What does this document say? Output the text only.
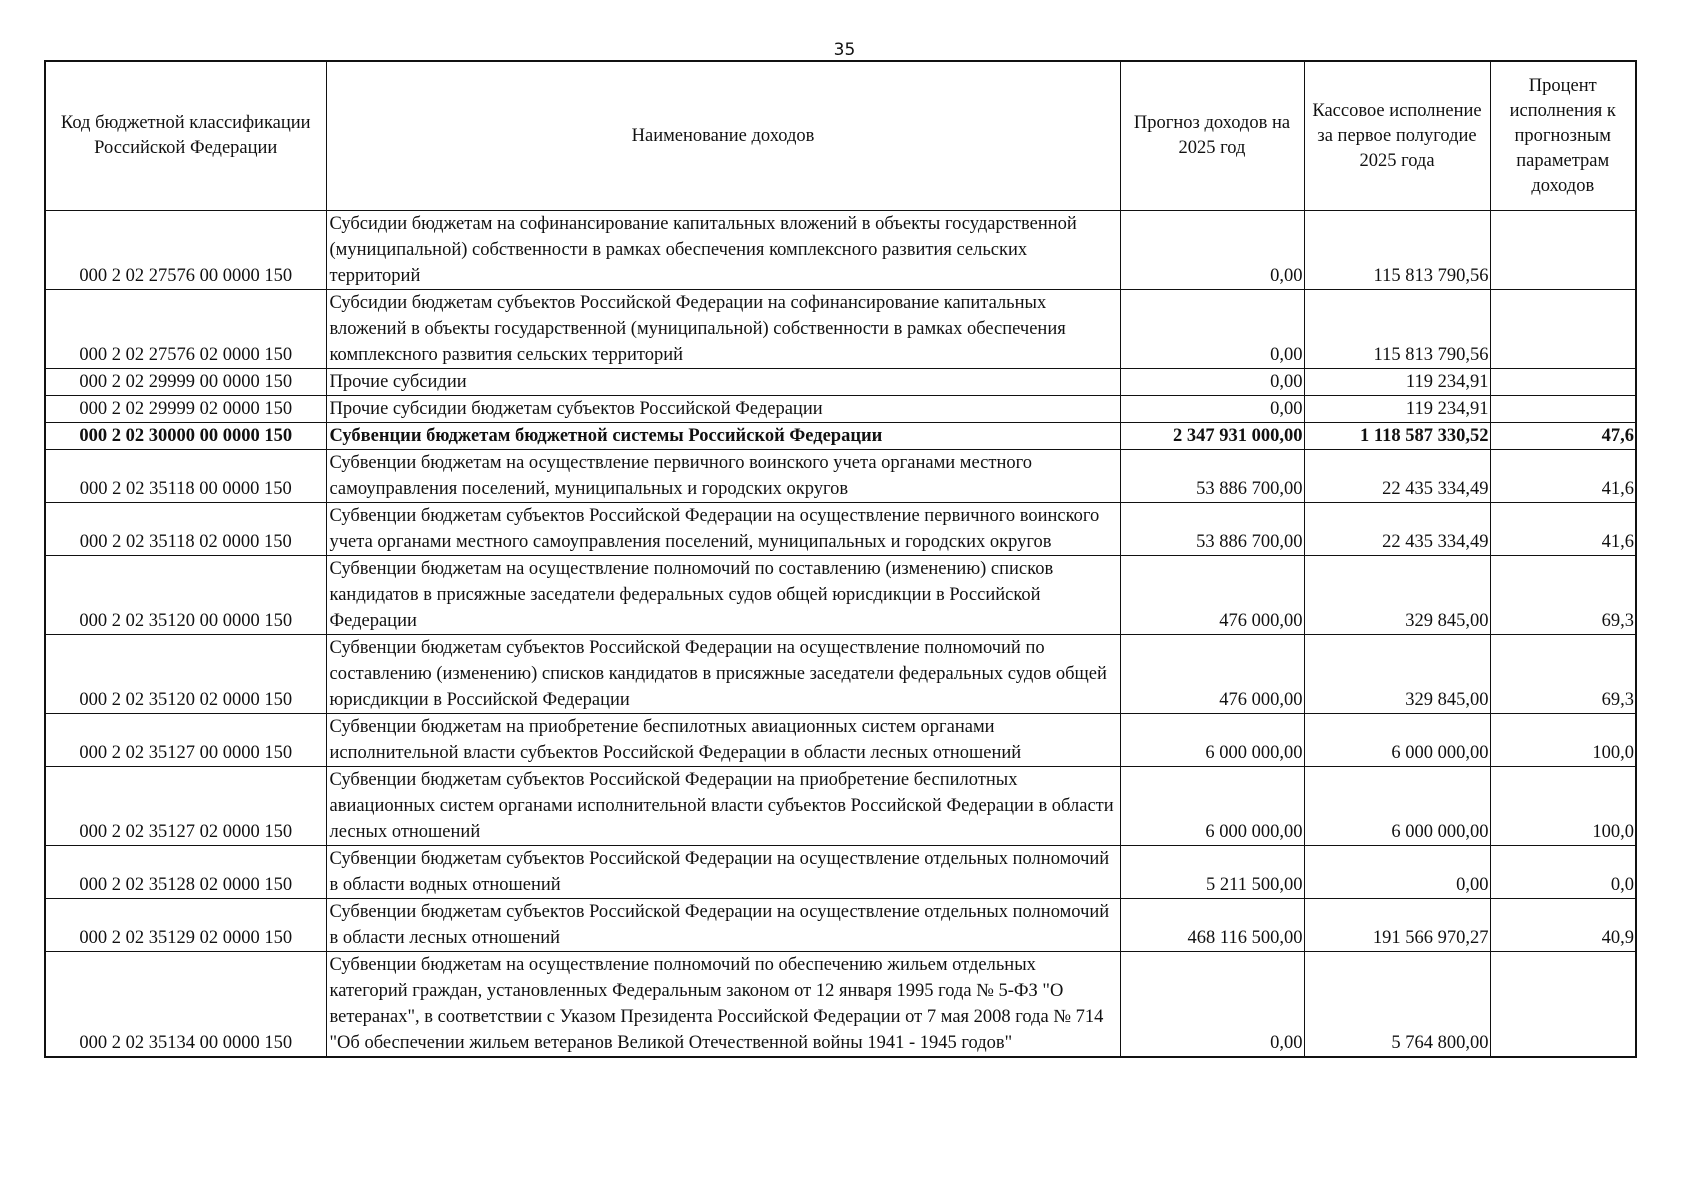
35
Код бюджетной классификации Российской Федерации	Наименование доходов	Прогноз доходов на 2025 год	Кассовое исполнение за первое полугодие 2025 года	Процент исполнения к прогнозным параметрам доходов
000 2 02 27576 00 0000 150	Субсидии бюджетам на софинансирование капитальных вложений в объекты государственной (муниципальной) собственности в рамках обеспечения комплексного развития сельских территорий	0,00	115 813 790,56	
000 2 02 27576 02 0000 150	Субсидии бюджетам субъектов Российской Федерации на софинансирование капитальных вложений в объекты государственной (муниципальной) собственности в рамках обеспечения комплексного развития сельских территорий	0,00	115 813 790,56	
000 2 02 29999 00 0000 150	Прочие субсидии	0,00	119 234,91	
000 2 02 29999 02 0000 150	Прочие субсидии бюджетам субъектов Российской Федерации	0,00	119 234,91	
000 2 02 30000 00 0000 150	Субвенции бюджетам бюджетной системы Российской Федерации	2 347 931 000,00	1 118 587 330,52	47,6
000 2 02 35118 00 0000 150	Субвенции бюджетам на осуществление первичного воинского учета органами местного самоуправления поселений, муниципальных и городских округов	53 886 700,00	22 435 334,49	41,6
000 2 02 35118 02 0000 150	Субвенции бюджетам субъектов Российской Федерации на осуществление первичного воинского учета органами местного самоуправления поселений, муниципальных и городских округов	53 886 700,00	22 435 334,49	41,6
000 2 02 35120 00 0000 150	Субвенции бюджетам на осуществление полномочий по составлению (изменению) списков кандидатов в присяжные заседатели федеральных судов общей юрисдикции в Российской Федерации	476 000,00	329 845,00	69,3
000 2 02 35120 02 0000 150	Субвенции бюджетам субъектов Российской Федерации на осуществление полномочий по составлению (изменению) списков кандидатов в присяжные заседатели федеральных судов общей юрисдикции в Российской Федерации	476 000,00	329 845,00	69,3
000 2 02 35127 00 0000 150	Субвенции бюджетам на приобретение беспилотных авиационных систем органами исполнительной власти субъектов Российской Федерации в области лесных отношений	6 000 000,00	6 000 000,00	100,0
000 2 02 35127 02 0000 150	Субвенции бюджетам субъектов Российской Федерации на приобретение беспилотных авиационных систем органами исполнительной власти субъектов Российской Федерации в области лесных отношений	6 000 000,00	6 000 000,00	100,0
000 2 02 35128 02 0000 150	Субвенции бюджетам субъектов Российской Федерации на осуществление отдельных полномочий в области водных отношений	5 211 500,00	0,00	0,0
000 2 02 35129 02 0000 150	Субвенции бюджетам субъектов Российской Федерации на осуществление отдельных полномочий в области лесных отношений	468 116 500,00	191 566 970,27	40,9
000 2 02 35134 00 0000 150	Субвенции бюджетам на осуществление полномочий по обеспечению жильем отдельных категорий граждан, установленных Федеральным законом от 12 января 1995 года № 5-ФЗ "О ветеранах", в соответствии с Указом Президента Российской Федерации от 7 мая 2008 года № 714 "Об обеспечении жильем ветеранов Великой Отечественной войны 1941 - 1945 годов"	0,00	5 764 800,00	
